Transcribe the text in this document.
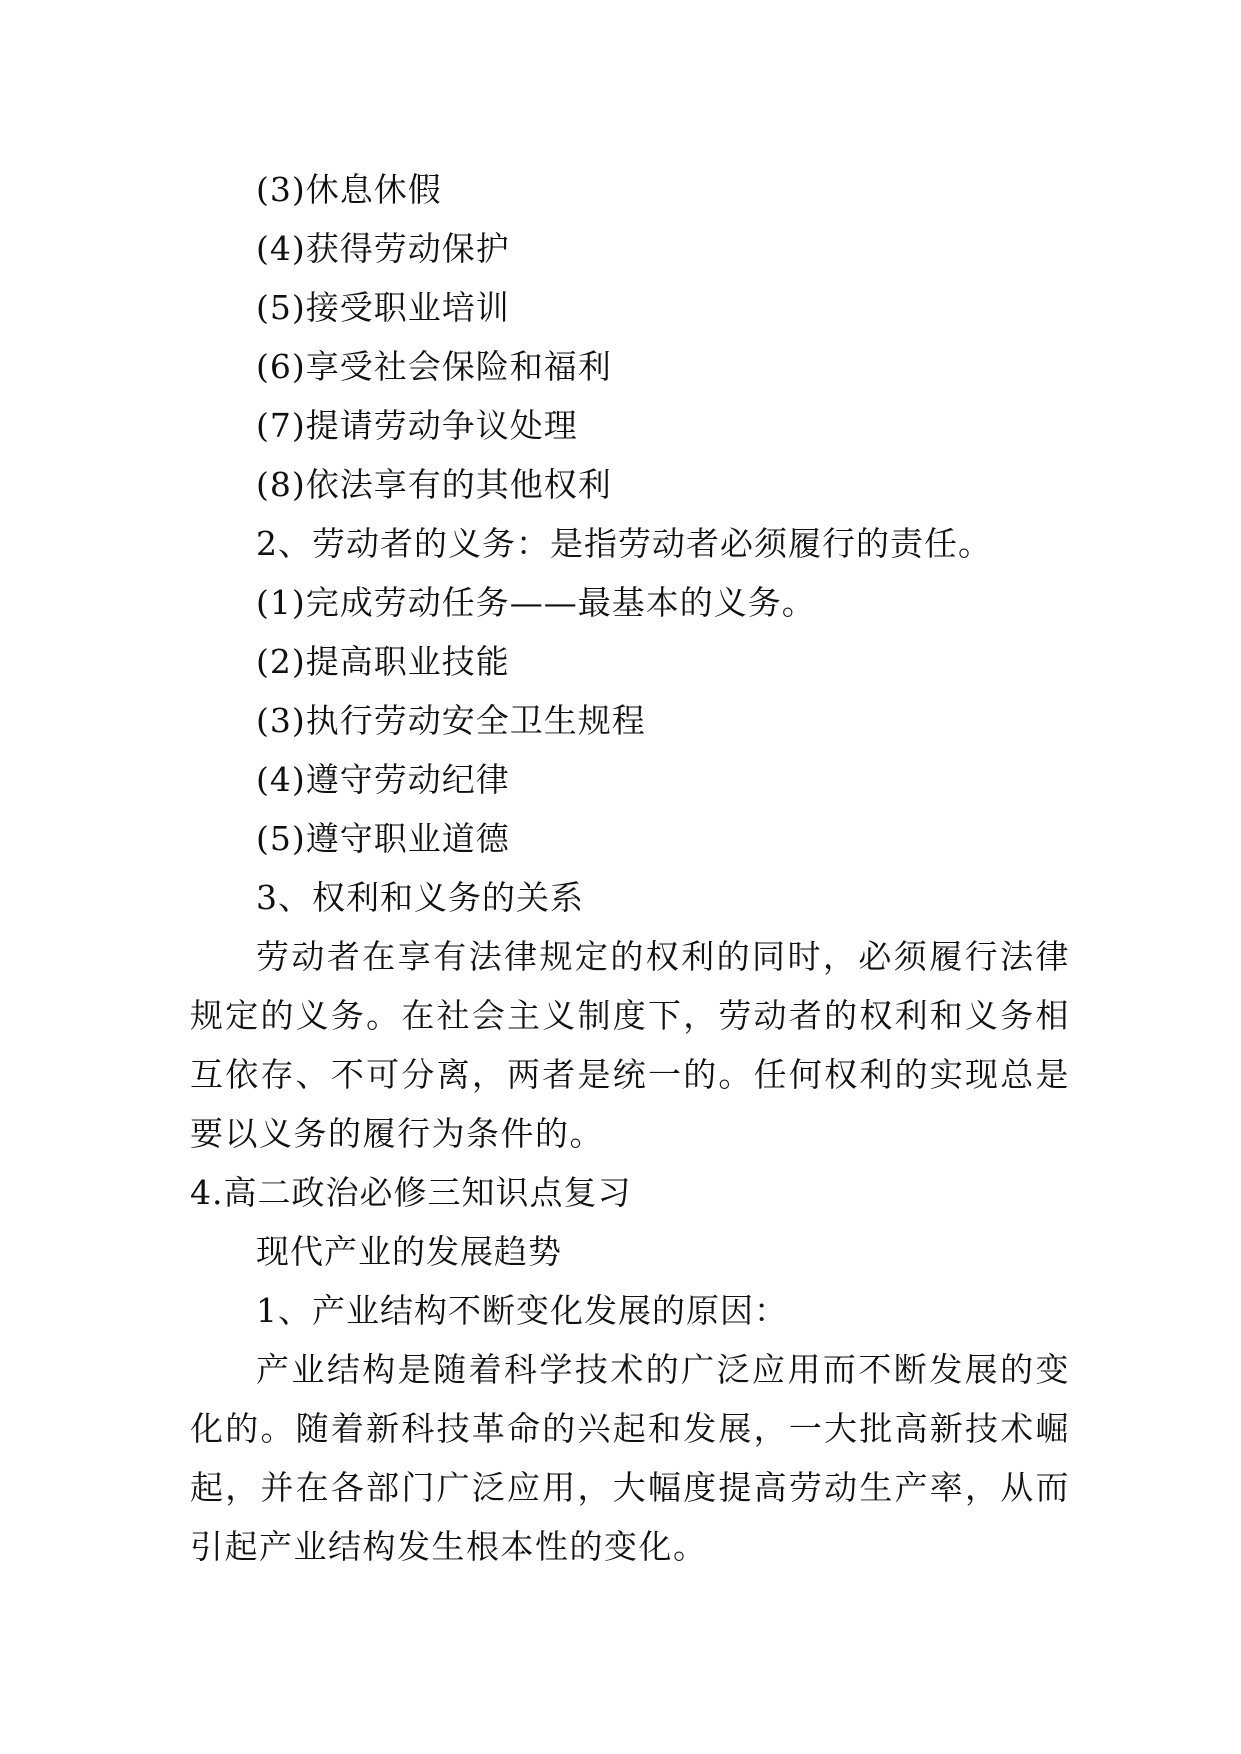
(3)休息休假
(4)获得劳动保护
(5)接受职业培训
(6)享受社会保险和福利
(7)提请劳动争议处理
(8)依法享有的其他权利
2、劳动者的义务：是指劳动者必须履行的责任。
(1)完成劳动任务——最基本的义务。
(2)提高职业技能
(3)执行劳动安全卫生规程
(4)遵守劳动纪律
(5)遵守职业道德
3、权利和义务的关系

劳动者在享有法律规定的权利的同时，必须履行法律规定的义务。在社会主义制度下，劳动者的权利和义务相互依存、不可分离，两者是统一的。任何权利的实现总是要以义务的履行为条件的。

4.高二政治必修三知识点复习
现代产业的发展趋势
1、产业结构不断变化发展的原因：

产业结构是随着科学技术的广泛应用而不断发展的变化的。随着新科技革命的兴起和发展，一大批高新技术崛起，并在各部门广泛应用，大幅度提高劳动生产率，从而引起产业结构发生根本性的变化。
